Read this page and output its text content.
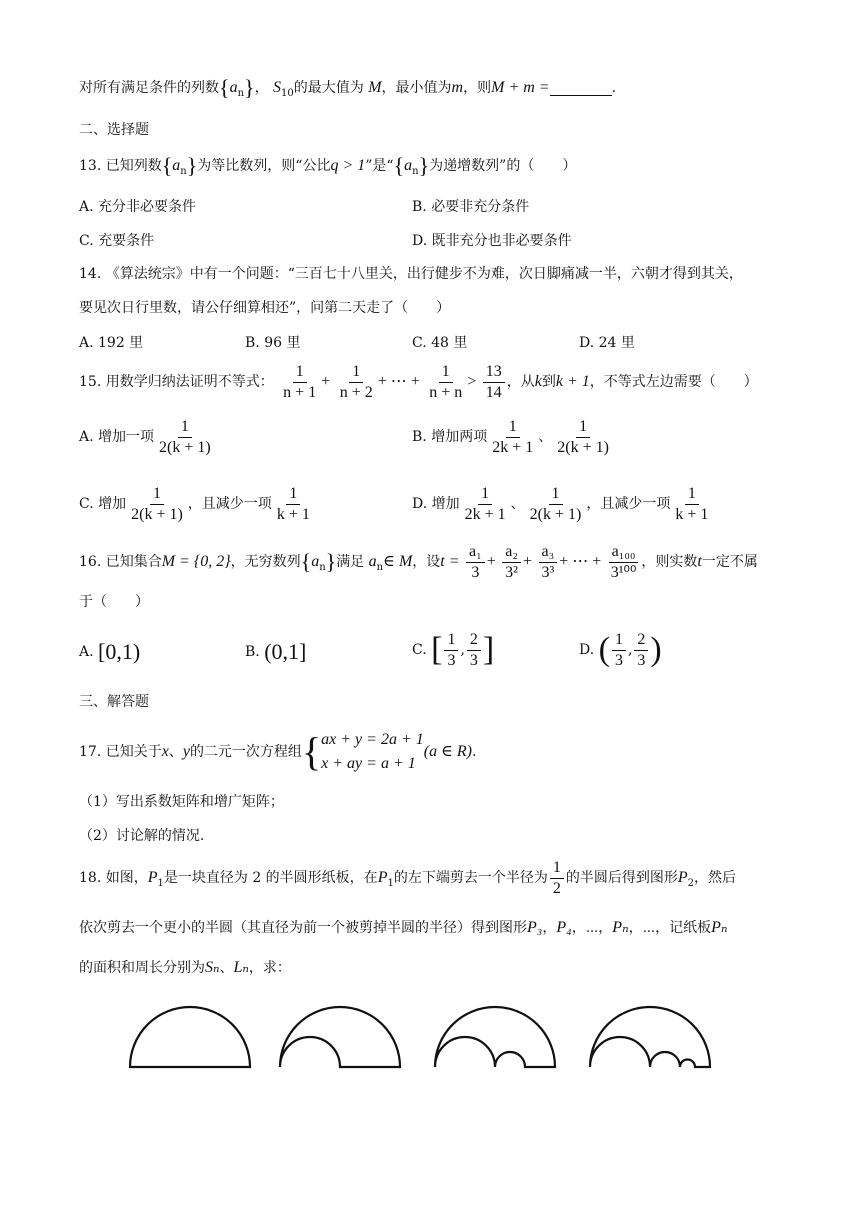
对所有满足条件的列数$\{a_n\}$， $S_{10}$的最大值为 M，最小值为m，则M + m =	.
二、选择题
13. 已知列数$\{a_n\}$为等比数列，则“公比q > 1”是“$\{a_n\}$为递增数列”的（　　）
A. 充分非必要条件	B. 必要非充分条件
C. 充要条件	D. 既非充分也非必要条件
14. 《算法统宗》中有一个问题：“三百七十八里关，出行健步不为难，次日脚痛减一半，六朝才得到其关，
要见次日行里数，请公仔细算相还”，问第二天走了（　　）
A. 192 里	B. 96 里	C. 48 里	D. 24 里
15. 用数学归纳法证明不等式： $\frac{1}{n + 1} + \frac{1}{n + 2}$ + ⋯ + $\frac{1}{n + n} > \frac{13}{14}$ ，从k到k + 1，不等式左边需要（　　）
A. 增加一项 $\frac{1}{2(k + 1)}$	B. 增加两项 $\frac{1}{2k + 1}$ 、 $\frac{1}{2(k + 1)}$
C. 增加 $\frac{1}{2(k + 1)}$ ，且减少一项 $\frac{1}{k + 1}$	D. 增加 $\frac{1}{2k + 1}$ 、 $\frac{1}{2(k + 1)}$ ，且减少一项 $\frac{1}{k + 1}$
16. 已知集合M = {0, 2}，无穷数列$\{a_n\}$满足 $a_n\in$ M，设$t = \frac{\text{a₁}}{3} + \frac{\text{a₂}}{\text{3²}} + \frac{\text{a₃}}{\text{3³}}$ + ⋯ + $\frac{\text{a₁₀₀}}{\text{3¹⁰⁰}}$ ，则实数t一定不属
于（　　）
A. [0,1)	B. (0,1]	C. [ $\frac{1}{3}$ , $\frac{2}{3}$ ]	D. ( $\frac{1}{3}$ , $\frac{2}{3}$ )
三、解答题
17. 已知关于x、y的二元一次方程组{ ax + y = 2a + 1
x + ay = a + 1
(a ∈ R).
（1）写出系数矩阵和增广矩阵；
（2）讨论解的情况.
18. 如图，$P_1$是一块直径为 2 的半圆形纸板，在$P_1$的左下端剪去一个半径为 $\frac{1}{2}$ 的半圆后得到图形$P_2$，然后
依次剪去一个更小的半圆（其直径为前一个被剪掉半圆的半径）得到图形P₃，P₄，⋯，Pₙ，⋯，记纸板Pₙ
的面积和周长分别为Sₙ、Lₙ，求：
